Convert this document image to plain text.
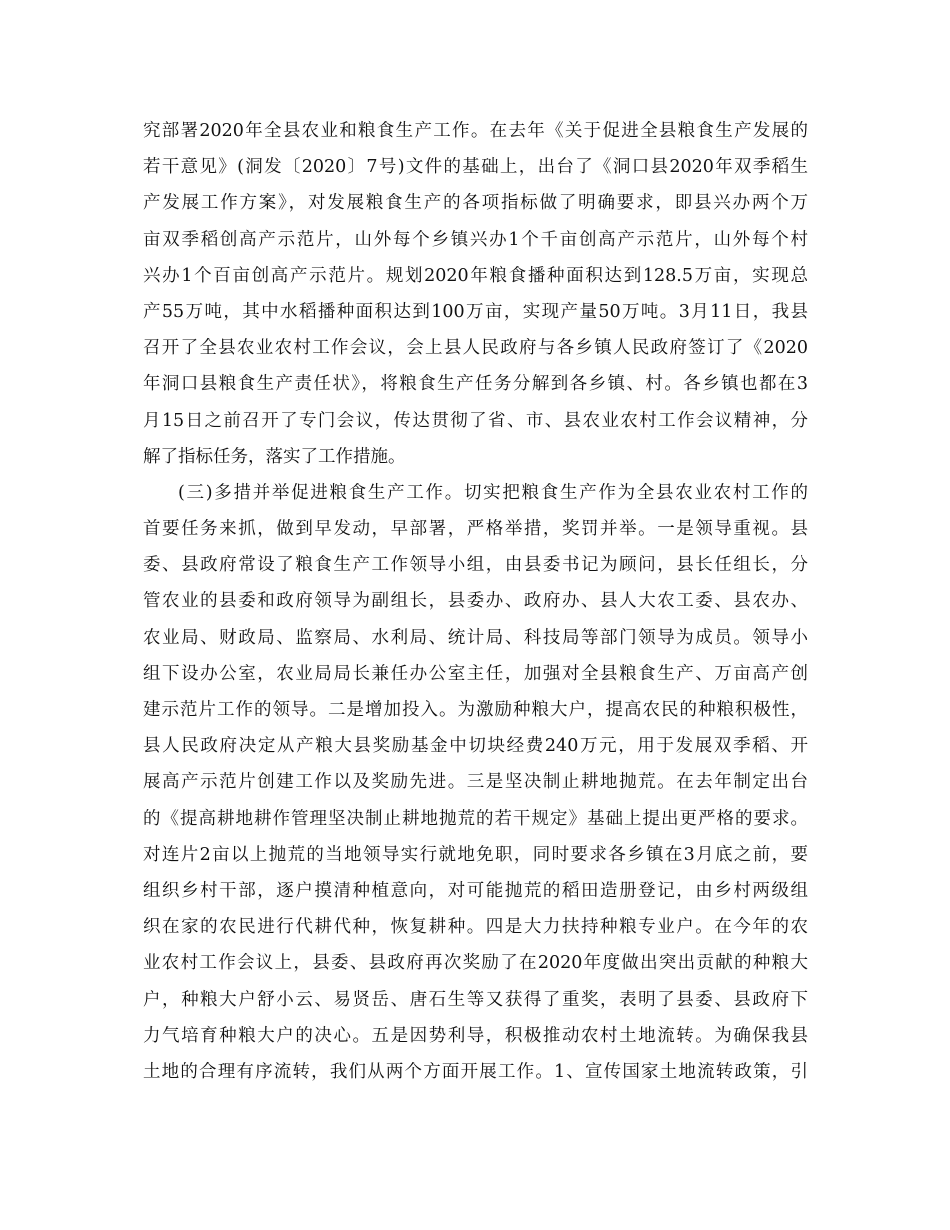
究部署2020年全县农业和粮食生产工作。在去年《关于促进全县粮食生产发展的
若干意见》(洞发〔2020〕7号)文件的基础上，出台了《洞口县2020年双季稻生
产发展工作方案》，对发展粮食生产的各项指标做了明确要求，即县兴办两个万
亩双季稻创高产示范片，山外每个乡镇兴办1个千亩创高产示范片，山外每个村
兴办1个百亩创高产示范片。规划2020年粮食播种面积达到128.5万亩，实现总
产55万吨，其中水稻播种面积达到100万亩，实现产量50万吨。3月11日，我县
召开了全县农业农村工作会议，会上县人民政府与各乡镇人民政府签订了《2020
年洞口县粮食生产责任状》，将粮食生产任务分解到各乡镇、村。各乡镇也都在3
月15日之前召开了专门会议，传达贯彻了省、市、县农业农村工作会议精神，分
解了指标任务，落实了工作措施。
(三)多措并举促进粮食生产工作。切实把粮食生产作为全县农业农村工作的
首要任务来抓，做到早发动，早部署，严格举措，奖罚并举。一是领导重视。县
委、县政府常设了粮食生产工作领导小组，由县委书记为顾问，县长任组长，分
管农业的县委和政府领导为副组长，县委办、政府办、县人大农工委、县农办、
农业局、财政局、监察局、水利局、统计局、科技局等部门领导为成员。领导小
组下设办公室，农业局局长兼任办公室主任，加强对全县粮食生产、万亩高产创
建示范片工作的领导。二是增加投入。为激励种粮大户，提高农民的种粮积极性，
县人民政府决定从产粮大县奖励基金中切块经费240万元，用于发展双季稻、开
展高产示范片创建工作以及奖励先进。三是坚决制止耕地抛荒。在去年制定出台
的《提高耕地耕作管理坚决制止耕地抛荒的若干规定》基础上提出更严格的要求。
对连片2亩以上抛荒的当地领导实行就地免职，同时要求各乡镇在3月底之前，要
组织乡村干部，逐户摸清种植意向，对可能抛荒的稻田造册登记，由乡村两级组
织在家的农民进行代耕代种，恢复耕种。四是大力扶持种粮专业户。在今年的农
业农村工作会议上，县委、县政府再次奖励了在2020年度做出突出贡献的种粮大
户，种粮大户舒小云、易贤岳、唐石生等又获得了重奖，表明了县委、县政府下
力气培育种粮大户的决心。五是因势利导，积极推动农村土地流转。为确保我县
土地的合理有序流转，我们从两个方面开展工作。1、宣传国家土地流转政策，引
